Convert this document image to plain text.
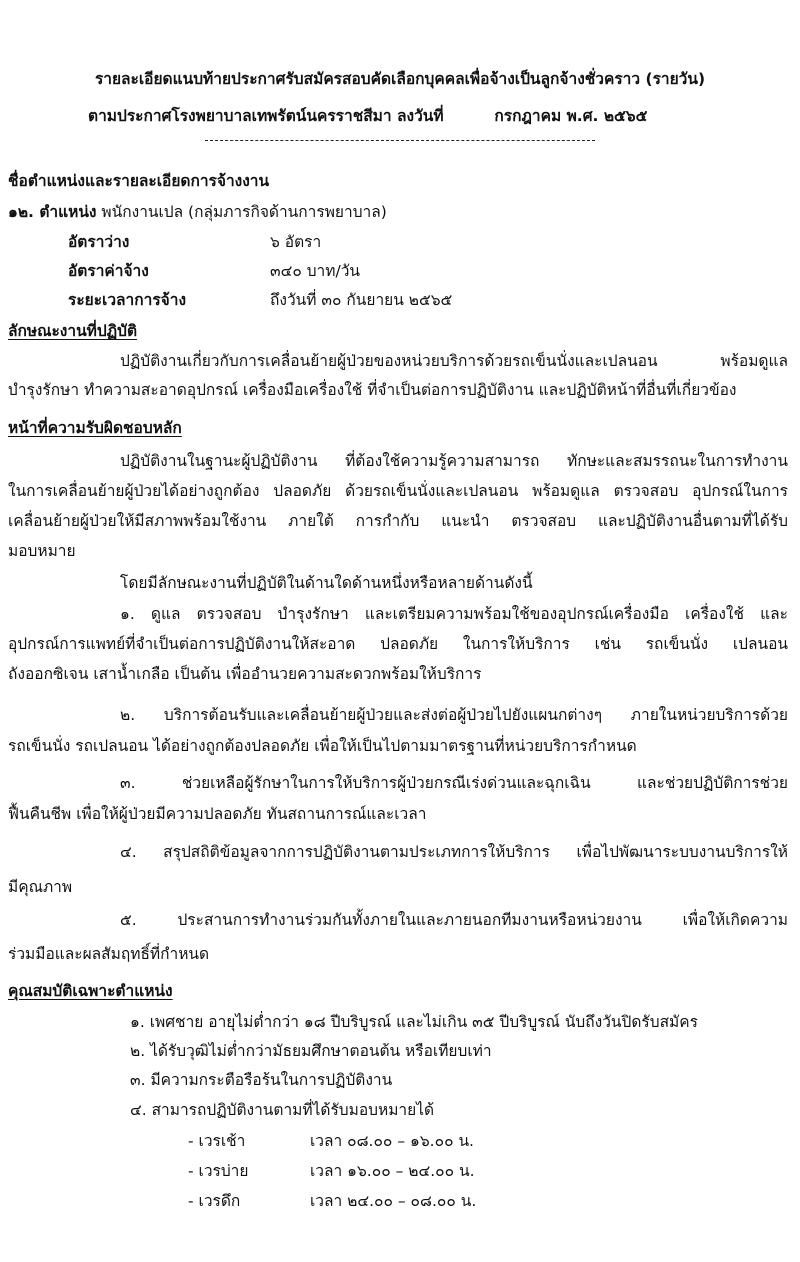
รายละเอียดแนบท้ายประกาศรับสมัครสอบคัดเลือกบุคคลเพื่อจ้างเป็นลูกจ้างชั่วคราว (รายวัน)
ตามประกาศโรงพยาบาลเทพรัตน์นครราชสีมา ลงวันที่	กรกฎาคม พ.ศ. ๒๕๖๕
ชื่อตำแหน่งและรายละเอียดการจ้างงาน
๑๒. ตำแหน่ง พนักงานเปล (กลุ่มภารกิจด้านการพยาบาล)
อัตราว่าง	๖ อัตรา
อัตราค่าจ้าง	๓๔๐ บาท/วัน
ระยะเวลาการจ้าง	ถึงวันที่ ๓๐ กันยายน ๒๕๖๕
ลักษณะงานที่ปฏิบัติ
ปฏิบัติงานเกี่ยวกับการเคลื่อนย้ายผู้ป่วยของหน่วยบริการด้วยรถเข็นนั่งและเปลนอน พร้อมดูแล
บำรุงรักษา ทำความสะอาดอุปกรณ์ เครื่องมือเครื่องใช้ ที่จำเป็นต่อการปฏิบัติงาน และปฏิบัติหน้าที่อื่นที่เกี่ยวข้อง
หน้าที่ความรับผิดชอบหลัก
ปฏิบัติงานในฐานะผู้ปฏิบัติงาน ที่ต้องใช้ความรู้ความสามารถ ทักษะและสมรรถนะในการทำงาน
ในการเคลื่อนย้ายผู้ป่วยได้อย่างถูกต้อง ปลอดภัย ด้วยรถเข็นนั่งและเปลนอน พร้อมดูแล ตรวจสอบ อุปกรณ์ในการ
เคลื่อนย้ายผู้ป่วยให้มีสภาพพร้อมใช้งาน ภายใต้ การกำกับ แนะนำ ตรวจสอบ และปฏิบัติงานอื่นตามที่ได้รับ
มอบหมาย
โดยมีลักษณะงานที่ปฏิบัติในด้านใดด้านหนึ่งหรือหลายด้านดังนี้
๑. ดูแล ตรวจสอบ บำรุงรักษา และเตรียมความพร้อมใช้ของอุปกรณ์เครื่องมือ เครื่องใช้ และ
อุปกรณ์การแพทย์ที่จำเป็นต่อการปฏิบัติงานให้สะอาด ปลอดภัย ในการให้บริการ เช่น รถเข็นนั่ง เปลนอน
ถังออกซิเจน เสาน้ำเกลือ เป็นต้น เพื่ออำนวยความสะดวกพร้อมให้บริการ
๒. บริการต้อนรับและเคลื่อนย้ายผู้ป่วยและส่งต่อผู้ป่วยไปยังแผนกต่างๆ ภายในหน่วยบริการด้วย
รถเข็นนั่ง รถเปลนอน ได้อย่างถูกต้องปลอดภัย เพื่อให้เป็นไปตามมาตรฐานที่หน่วยบริการกำหนด
๓. ช่วยเหลือผู้รักษาในการให้บริการผู้ป่วยกรณีเร่งด่วนและฉุกเฉิน และช่วยปฏิบัติการช่วย
ฟื้นคืนชีพ เพื่อให้ผู้ป่วยมีความปลอดภัย ทันสถานการณ์และเวลา
๔. สรุปสถิติข้อมูลจากการปฏิบัติงานตามประเภทการให้บริการ เพื่อไปพัฒนาระบบงานบริการให้
มีคุณภาพ
๕. ประสานการทำงานร่วมกันทั้งภายในและภายนอกทีมงานหรือหน่วยงาน เพื่อให้เกิดความ
ร่วมมือและผลสัมฤทธิ์ที่กำหนด
คุณสมบัติเฉพาะตำแหน่ง
๑. เพศชาย อายุไม่ต่ำกว่า ๑๘ ปีบริบูรณ์ และไม่เกิน ๓๕ ปีบริบูรณ์ นับถึงวันปิดรับสมัคร
๒. ได้รับวุฒิไม่ต่ำกว่ามัธยมศึกษาตอนต้น หรือเทียบเท่า
๓. มีความกระตือรือร้นในการปฏิบัติงาน
๔. สามารถปฏิบัติงานตามที่ได้รับมอบหมายได้
- เวรเช้า	เวลา ๐๘.๐๐ – ๑๖.๐๐ น.
- เวรบ่าย	เวลา ๑๖.๐๐ – ๒๔.๐๐ น.
- เวรดึก	เวลา ๒๔.๐๐ – ๐๘.๐๐ น.
